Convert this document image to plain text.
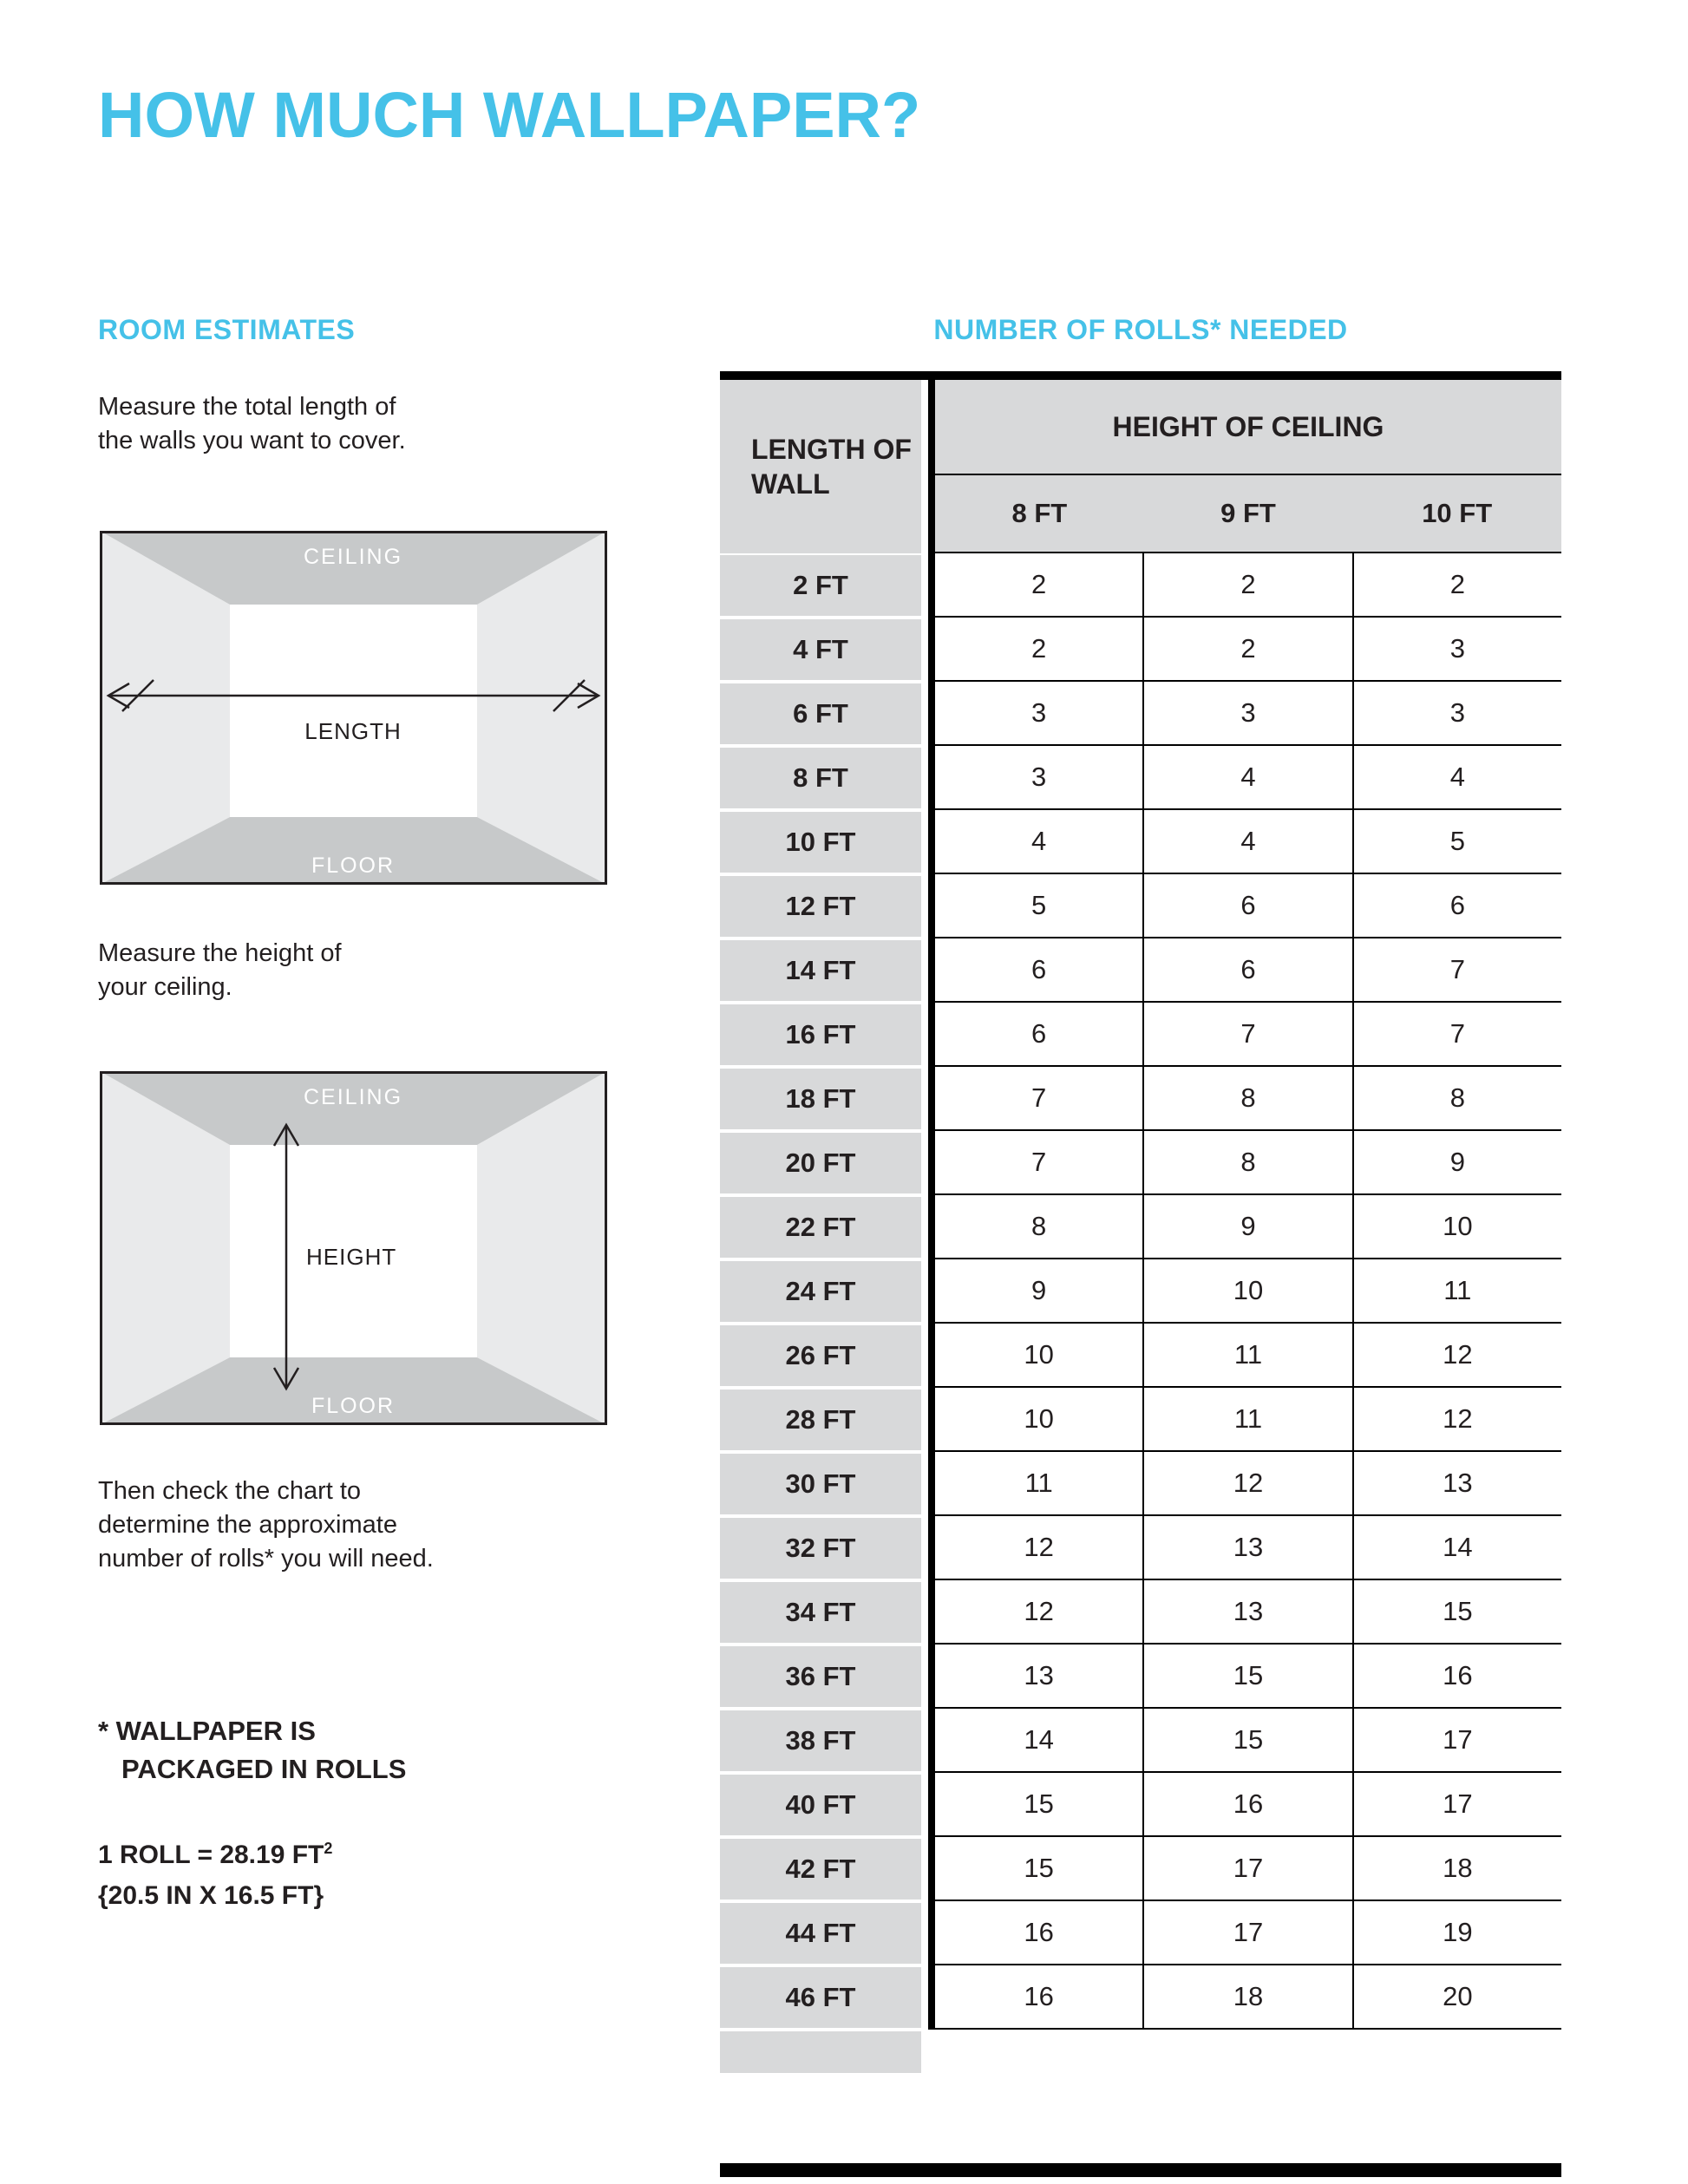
HOW MUCH WALLPAPER?
ROOM ESTIMATES	NUMBER OF ROLLS* NEEDED
Measure the total length of
the walls you want to cover.
CEILING
FLOOR
LENGTH
Measure the height of
your ceiling.
CEILING
FLOOR
HEIGHT
Then check the chart to
determine the approximate
number of rolls* you will need.
* WALLPAPER IS
PACKAGED IN ROLLS
1 ROLL = 28.19 $FT^2$
{20.5 IN X 16.5 FT}
LENGTH OF WALL
HEIGHT OF CEILING
8 FT	9 FT	10 FT
2 FT	2	2	2
4 FT	2	2	3
6 FT	3	3	3
8 FT	3	4	4
10 FT	4	4	5
12 FT	5	6	6
14 FT	6	6	7
16 FT	6	7	7
18 FT	7	8	8
20 FT	7	8	9
22 FT	8	9	10
24 FT	9	10	11
26 FT	10	11	12
28 FT	10	11	12
30 FT	11	12	13
32 FT	12	13	14
34 FT	12	13	15
36 FT	13	15	16
38 FT	14	15	17
40 FT	15	16	17
42 FT	15	17	18
44 FT	16	17	19
46 FT	16	18	20
